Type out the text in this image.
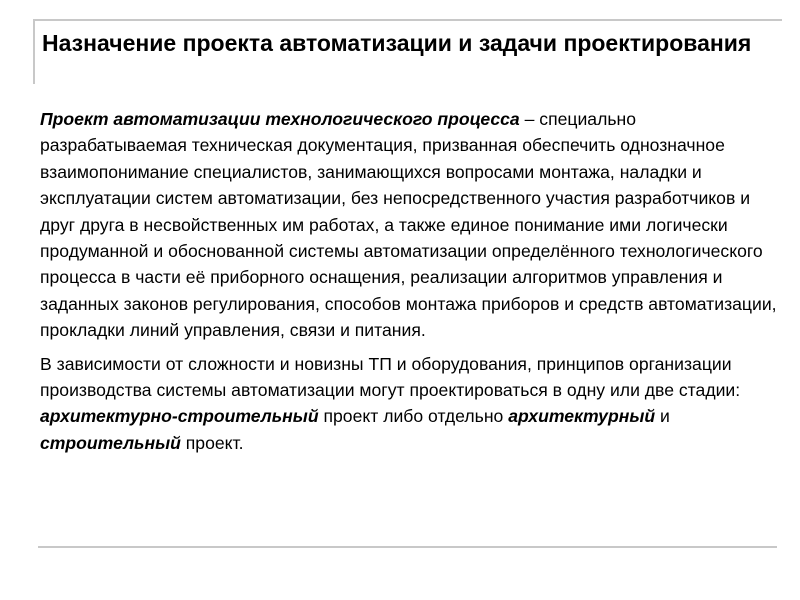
Назначение проекта автоматизации и задачи проектирования

Проект автоматизации технологического процесса – специально разрабатываемая техническая документация, призванная обеспечить однозначное взаимопонимание специалистов, занимающихся вопросами монтажа, наладки и эксплуатации систем автоматизации, без непосредственного участия разработчиков и друг друга в несвойственных им работах, а также единое понимание ими логически продуманной и обоснованной системы автоматизации определённого технологического процесса в части её приборного оснащения, реализации алгоритмов управления и заданных законов регулирования, способов монтажа приборов и средств автоматизации, прокладки линий управления, связи и питания.

В зависимости от сложности и новизны ТП и оборудования, принципов организации производства системы автоматизации могут проектироваться в одну или две стадии: архитектурно-строительный проект либо отдельно архитектурный и строительный проект.
